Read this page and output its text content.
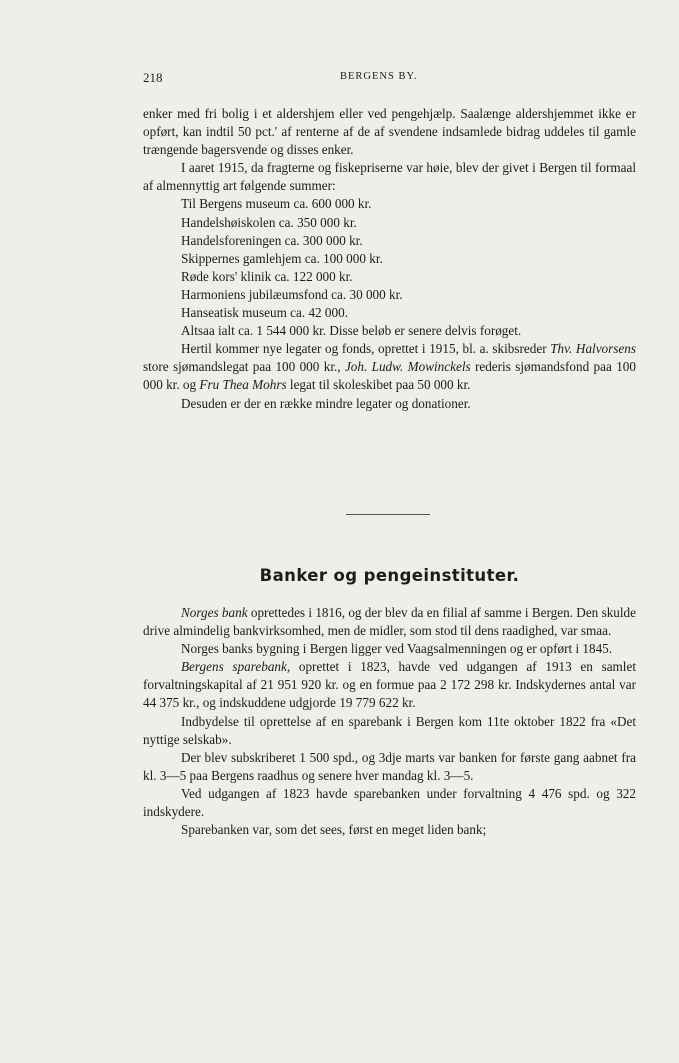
218	BERGENS BY.

enker med fri bolig i et aldershjem eller ved pengehjælp. Saalænge aldershjemmet ikke er opført, kan indtil 50 pct.' af renterne af de af svendene indsamlede bidrag uddeles til gamle trængende bagersvende og disses enker.

I aaret 1915, da fragterne og fiskepriserne var høie, blev der givet i Bergen til formaal af almennyttig art følgende summer:

Til Bergens museum ca. 600 000 kr.

Handelshøiskolen ca. 350 000 kr.

Handelsforeningen ca. 300 000 kr.

Skippernes gamlehjem ca. 100 000 kr.

Røde kors' klinik ca. 122 000 kr.

Harmoniens jubilæumsfond ca. 30 000 kr.

Hanseatisk museum ca. 42 000.

Altsaa ialt ca. 1 544 000 kr. Disse beløb er senere delvis forøget.

Hertil kommer nye legater og fonds, oprettet i 1915, bl. a. skibsreder Thv. Halvorsens store sjømandslegat paa 100 000 kr., Joh. Ludw. Mowinckels rederis sjømandsfond paa 100 000 kr. og Fru Thea Mohrs legat til skoleskibet paa 50 000 kr.

Desuden er der en række mindre legater og donationer.

Banker og pengeinstituter.

Norges bank oprettedes i 1816, og der blev da en filial af samme i Bergen. Den skulde drive almindelig bankvirksomhed, men de midler, som stod til dens raadighed, var smaa.

Norges banks bygning i Bergen ligger ved Vaagsalmenningen og er opført i 1845.

Bergens sparebank, oprettet i 1823, havde ved udgangen af 1913 en samlet forvaltningskapital af 21 951 920 kr. og en formue paa 2 172 298 kr. Indskydernes antal var 44 375 kr., og indskuddene udgjorde 19 779 622 kr.

Indbydelse til oprettelse af en sparebank i Bergen kom 11te oktober 1822 fra «Det nyttige selskab».

Der blev subskriberet 1 500 spd., og 3dje marts var banken for første gang aabnet fra kl. 3—5 paa Bergens raadhus og senere hver mandag kl. 3—5.

Ved udgangen af 1823 havde sparebanken under forvaltning 4 476 spd. og 322 indskydere.

Sparebanken var, som det sees, først en meget liden bank;
